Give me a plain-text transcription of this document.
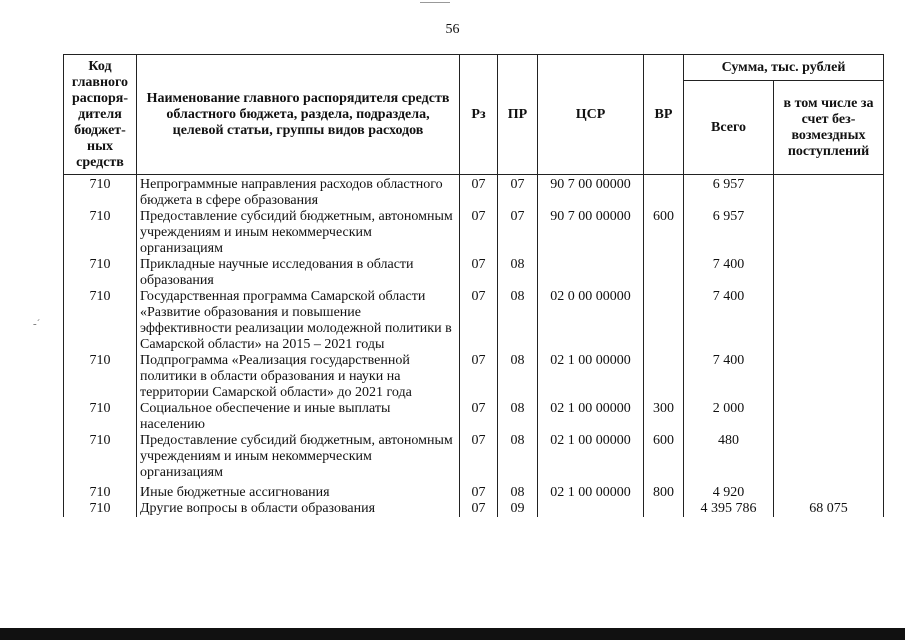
56
-´
Код главного распоря-дителя бюджет-ных средств	Наименование главного распорядителя средств областного бюджета, раздела, подраздела, целевой статьи, группы видов расходов	Рз	ПР	ЦСР	ВР	Сумма, тыс. рублей	
						Всего	в том числе за счет без-возмездных поступлений
710	Непрограммные направления расходов областного бюджета в сфере образования	07	07	90 7 00 00000		6 957	
710	Предоставление субсидий бюджетным, автономным учреждениям и иным некоммерческим организациям	07	07	90 7 00 00000	600	6 957	
710	Прикладные научные исследования в области образования	07	08			7 400	
710	Государственная программа Самарской области «Развитие образования и повышение эффективности реализации молодежной политики в Самарской области» на 2015 – 2021 годы	07	08	02 0 00 00000		7 400	
710	Подпрограмма «Реализация государственной политики в области образования и науки на территории Самарской области» до 2021 года	07	08	02 1 00 00000		7 400	
710	Социальное обеспечение и иные выплаты населению	07	08	02 1 00 00000	300	2 000	
710	Предоставление субсидий бюджетным, автономным учреждениям и иным некоммерческим организациям	07	08	02 1 00 00000	600	480	

710	Иные бюджетные ассигнования	07	08	02 1 00 00000	800	4 920	
710	Другие вопросы в области образования	07	09			4 395 786	68 075
